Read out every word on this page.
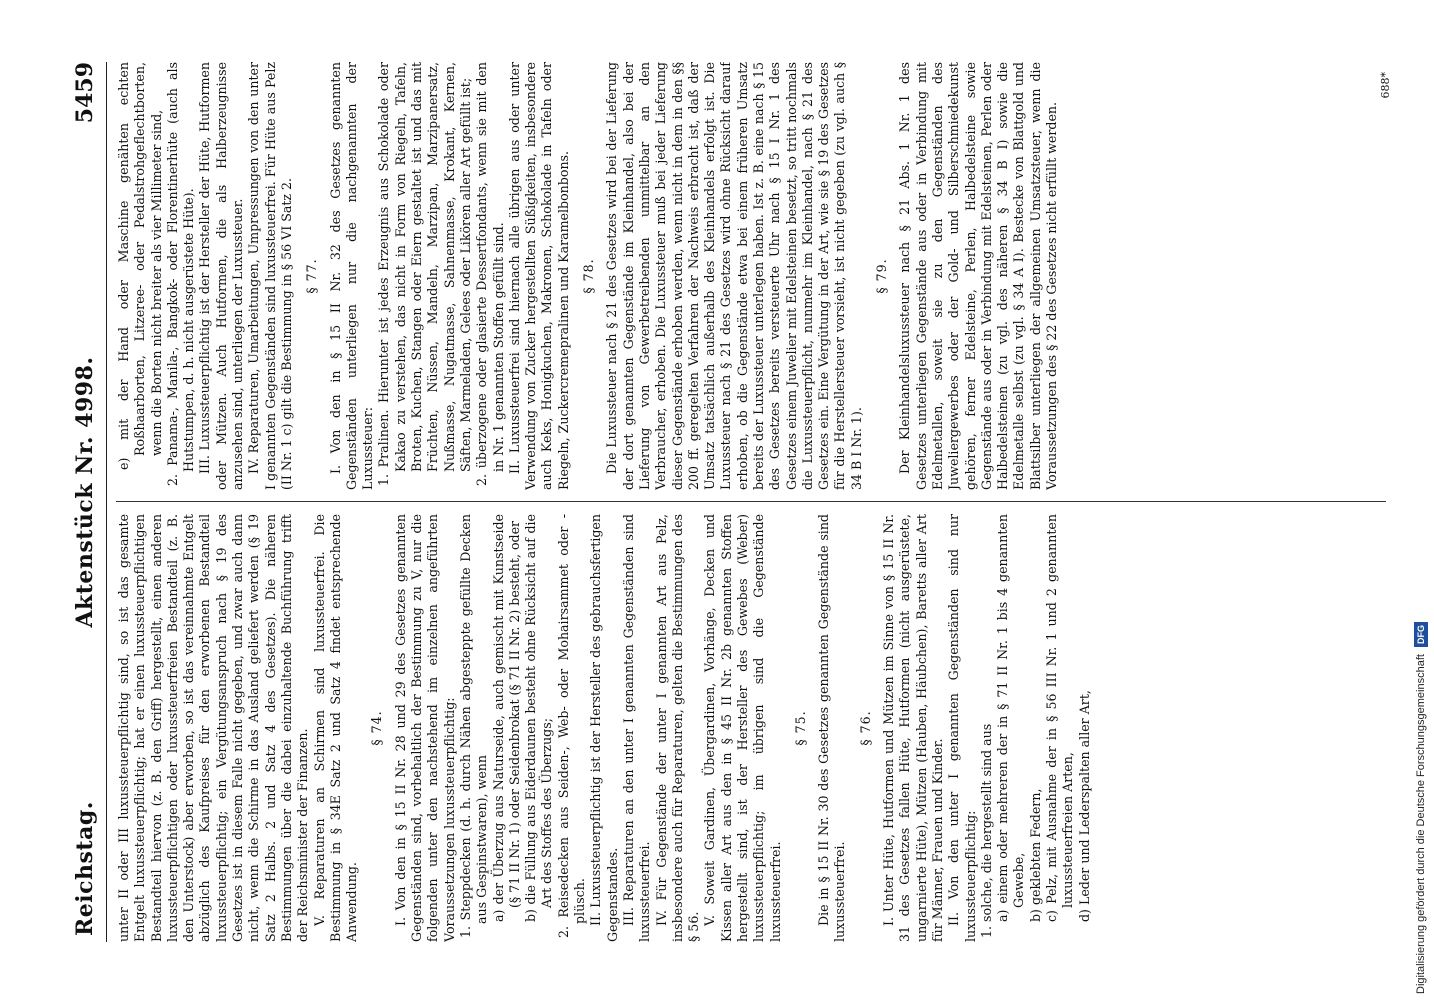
Reichstag.
Aktenstück Nr. 4998.
5459

unter II oder III luxussteuerpflichtig sind, so ist das gesamte Entgelt luxussteuerpflichtig; hat er einen luxussteuerpflichtigen Bestandteil hiervon (z. B. den Griff) hergestellt, einen anderen luxussteuerpflichtigen oder luxussteuerfreien Bestandteil (z. B. den Unterstock) aber erworben, so ist das vereinnahmte Entgelt abzüglich des Kaufpreises für den erworbenen Bestandteil luxussteuerpflichtig; ein Vergütungsanspruch nach § 19 des Gesetzes ist in diesem Falle nicht gegeben, und zwar auch dann nicht, wenn die Schirme in das Ausland geliefert werden (§ 19 Satz 2 Halbs. 2 und Satz 4 des Gesetzes). Die näheren Bestimmungen über die dabei einzuhaltende Buchführung trifft der Reichsminister der Finanzen. V. Reparaturen an Schirmen sind luxussteuerfrei. Die Bestimmung in § 34E Satz 2 und Satz 4 findet entsprechende Anwendung.

§ 74. I. Von den in § 15 II Nr. 28 und 29 des Gesetzes genannten Gegenständen sind, vorbehaltlich der Bestimmung zu V, nur die folgenden unter den nachstehend im einzelnen angeführten Voraussetzungen luxussteuerpflichtig: 1. Steppdecken (d. h. durch Nähen abgesteppte gefüllte Decken aus Gespinstwaren), wenn a) der Überzug aus Naturseide, auch gemischt mit Kunstseide (§ 71 II Nr. 1) oder Seidenbrokat (§ 71 II Nr. 2) besteht, oder b) die Füllung aus Eiderdaunen besteht ohne Rücksicht auf die Art des Stoffes des Überzugs; 2. Reisedecken aus Seiden-, Web- oder Mohairsammet oder -plüsch. II. Luxussteuerpflichtig ist der Hersteller des gebrauchsfertigen Gegenstandes. III. Reparaturen an den unter I genannten Gegenständen sind luxussteuerfrei. IV. Für Gegenstände der unter I genannten Art aus Pelz, insbesondere auch für Reparaturen, gelten die Bestimmungen des § 56.

V. Soweit Gardinen, Übergardinen, Vorhänge, Decken und Kissen aller Art aus den in § 45 II Nr. 2b genannten Stoffen hergestellt sind, ist der Hersteller des Gewebes (Weber) luxussteuerpflichtig; im übrigen sind die Gegenstände luxussteuerfrei.

§ 75. Die in § 15 II Nr. 30 des Gesetzes genannten Gegenstände sind luxussteuerfrei.

§ 76. I. Unter Hüte, Hutformen und Mützen im Sinne von § 15 II Nr. 31 des Gesetzes fallen Hüte, Hutformen (nicht ausgerüstete, ungarnierte Hüte), Mützen (Hauben, Häubchen), Baretts aller Art für Männer, Frauen und Kinder. II. Von den unter I genannten Gegenständen sind nur luxussteuerpflichtig: 1. solche, die hergestellt sind aus a) einem oder mehreren der in § 71 II Nr. 1 bis 4 genannten Gewebe, b) geklebten Federn, c) Pelz, mit Ausnahme der in § 56 III Nr. 1 und 2 genannten luxussteuerfreien Arten, d) Leder und Lederspalten aller Art,

e) mit der Hand oder Maschine genähten echten Roßhaarborten, Litzeree- oder Pedalstrohgeflechtborten, wenn die Borten nicht breiter als vier Millimeter sind, 2. Panama-, Manila-, Bangkok- oder Florentinerhüte (auch als Hutstumpen, d. h. nicht ausgerüstete Hüte). III. Luxussteuerpflichtig ist der Hersteller der Hüte, Hutformen oder Mützen. Auch Hutformen, die als Halberzeugnisse anzusehen sind, unterliegen der Luxussteuer. IV. Reparaturen, Umarbeitungen, Umpressungen von den unter I genannten Gegenständen sind luxussteuerfrei. Für Hüte aus Pelz (II Nr. 1 c) gilt die Bestimmung in § 56 VI Satz 2. § 77. I. Von den in § 15 II Nr. 32 des Gesetzes genannten Gegenständen unterliegen nur die nachgenannten der Luxussteuer: 1. Pralinen. Hierunter ist jedes Erzeugnis aus Schokolade oder Kakao zu verstehen, das nicht in Form von Riegeln, Tafeln, Broten, Kuchen, Stangen oder Eiern gestaltet ist und das mit Früchten, Nüssen, Mandeln, Marzipan, Marzipanersatz, Nußmasse, Nugatmasse, Sahnenmasse, Krokant, Kernen, Säften, Marmeladen, Gelees oder Likören aller Art gefüllt ist; 2. überzogene oder glasierte Dessertfondants, wenn sie mit den in Nr. 1 genannten Stoffen gefüllt sind. II. Luxussteuerfrei sind hiernach alle übrigen aus oder unter Verwendung von Zucker hergestellten Süßigkeiten, insbesondere auch Keks, Honigkuchen, Makronen, Schokolade in Tafeln oder Riegeln, Zuckercremepralinen und Karamelbonbons. § 78. Die Luxussteuer nach § 21 des Gesetzes wird bei der Lieferung der dort genannten Gegenstände im Kleinhandel, also bei der Lieferung von Gewerbetreibenden unmittelbar an den Verbraucher, erhoben. Die Luxussteuer muß bei jeder Lieferung dieser Gegenstände erhoben werden, wenn nicht in dem in den §§ 200 ff. geregelten Verfahren der Nachweis erbracht ist, daß der Umsatz tatsächlich außerhalb des Kleinhandels erfolgt ist. Die Luxussteuer nach § 21 des Gesetzes wird ohne Rücksicht darauf erhoben, ob die Gegenstände etwa bei einem früheren Umsatz bereits der Luxussteuer unterlegen haben. Ist z. B. eine nach § 15 des Gesetzes bereits versteuerte Uhr nach § 15 I Nr. 1 des Gesetzes einem Juwelier mit Edelsteinen besetzt, so tritt nochmals die Luxussteuerpflicht, nunmehr im Kleinhandel, nach § 21 des Gesetzes ein. Eine Vergütung in der Art, wie sie § 19 des Gesetzes für die Herstellersteuer vorsieht, ist nicht gegeben (zu vgl. auch § 34 B I Nr. 1).

§ 79. Der Kleinhandelsluxussteuer nach § 21 Abs. 1 Nr. 1 des Gesetzes unterliegen Gegenstände aus oder in Verbindung mit Edelmetallen, soweit sie zu den Gegenständen des Juweliergewerbes oder der Gold- und Silberschmiedekunst gehören, ferner Edelsteine, Perlen, Halbedelsteine sowie Gegenstände aus oder in Verbindung mit Edelsteinen, Perlen oder Halbedelsteinen (zu vgl. des näheren § 34 B I) sowie die Edelmetalle selbst (zu vgl. § 34 A I). Bestecke von Blattgold und Blattsilber unterliegen der allgemeinen Umsatzsteuer, wenn die Voraussetzungen des § 22 des Gesetzes nicht erfüllt werden.

688*
Digitalisierung gefördert durch die Deutsche Forschungsgemeinschaft DFG
